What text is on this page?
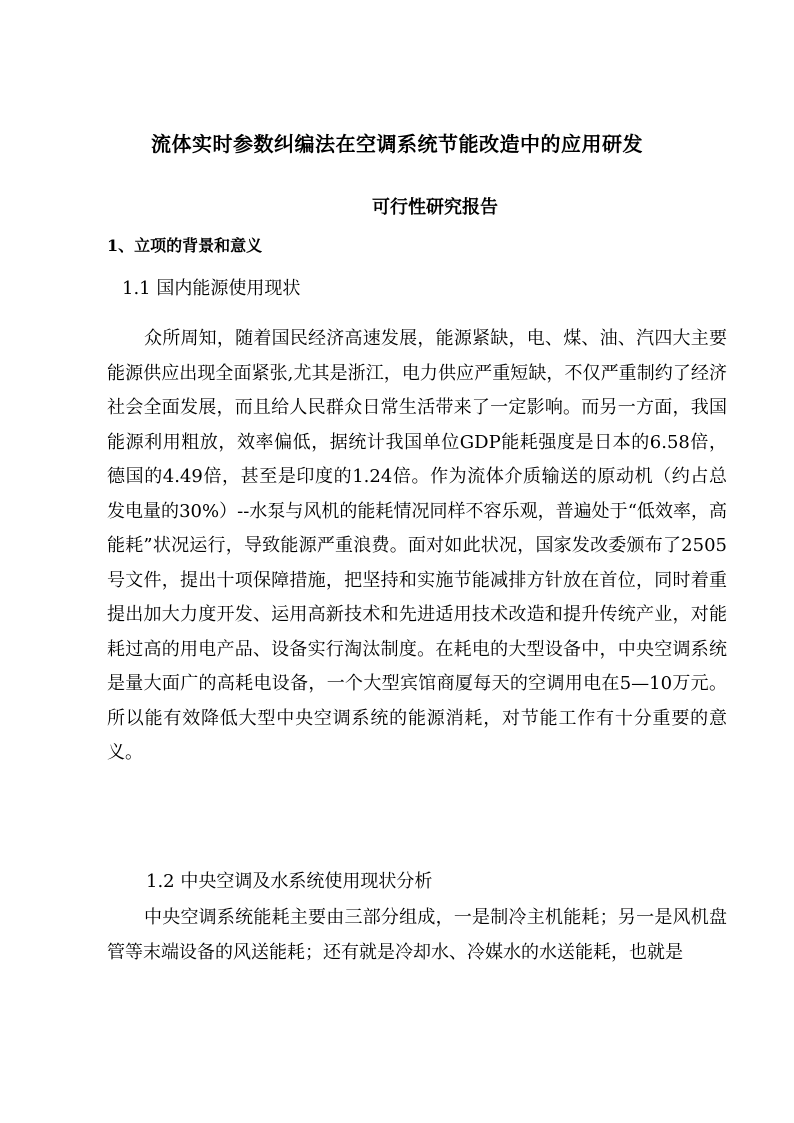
流体实时参数纠编法在空调系统节能改造中的应用研发
可行性研究报告
1、立项的背景和意义
1.1 国内能源使用现状

众所周知，随着国民经济高速发展，能源紧缺，电、煤、油、汽四大主要能源供应出现全面紧张,尤其是浙江，电力供应严重短缺，不仅严重制约了经济社会全面发展，而且给人民群众日常生活带来了一定影响。而另一方面，我国能源利用粗放，效率偏低，据统计我国单位GDP能耗强度是日本的6.58倍，德国的4.49倍，甚至是印度的1.24倍。作为流体介质输送的原动机（约占总发电量的30%）--水泵与风机的能耗情况同样不容乐观，普遍处于“低效率，高能耗”状况运行，导致能源严重浪费。面对如此状况，国家发改委颁布了2505号文件，提出十项保障措施，把坚持和实施节能减排方针放在首位，同时着重提出加大力度开发、运用高新技术和先进适用技术改造和提升传统产业，对能耗过高的用电产品、设备实行淘汰制度。在耗电的大型设备中，中央空调系统是量大面广的高耗电设备，一个大型宾馆商厦每天的空调用电在5—10万元。所以能有效降低大型中央空调系统的能源消耗，对节能工作有十分重要的意义。

1.2 中央空调及水系统使用现状分析

中央空调系统能耗主要由三部分组成，一是制冷主机能耗；另一是风机盘管等末端设备的风送能耗；还有就是冷却水、冷媒水的水送能耗，也就是
